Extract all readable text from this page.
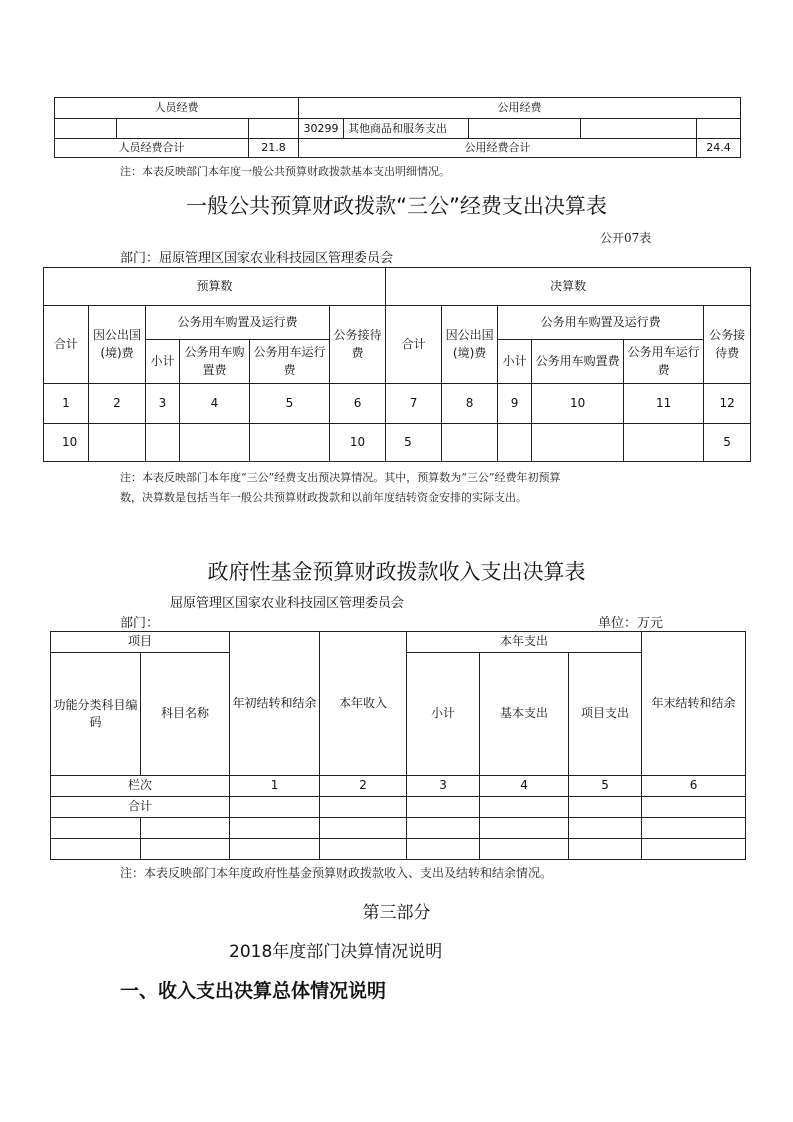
人员经费			公用经费				
			30299	其他商品和服务支出			
人员经费合计		21.8	公用经费合计				24.4
注：本表反映部门本年度一般公共预算财政拨款基本支出明细情况。
一般公共预算财政拨款“三公”经费支出决算表
公开07表
部门：屈原管理区国家农业科技园区管理委员会
预算数						决算数					
合计	因公出国(境)费	公务用车购置及运行费			公务接待费	合计	因公出国(境)费	公务用车购置及运行费			公务接待费
		小计	公务用车购置费	公务用车运行费				小计	公务用车购置费	公务用车运行费	
1	2	3	4	5	6	7	8	9	10	11	12
10					10	5					5
注：本表反映部门本年度“三公”经费支出预决算情况。其中，预算数为“三公”经费年初预算
数，决算数是包括当年一般公共预算财政拨款和以前年度结转资金安排的实际支出。
政府性基金预算财政拨款收入支出决算表
屈原管理区国家农业科技园区管理委员会
部门：	单位：万元
项目		年初结转和结余	本年收入	本年支出			年末结转和结余
功能分类科目编码	科目名称			小计	基本支出	项目支出	
栏次		1	2	3	4	5	6
合计							

注：本表反映部门本年度政府性基金预算财政拨款收入、支出及结转和结余情况。
第三部分
2018年度部门决算情况说明
一、收入支出决算总体情况说明
